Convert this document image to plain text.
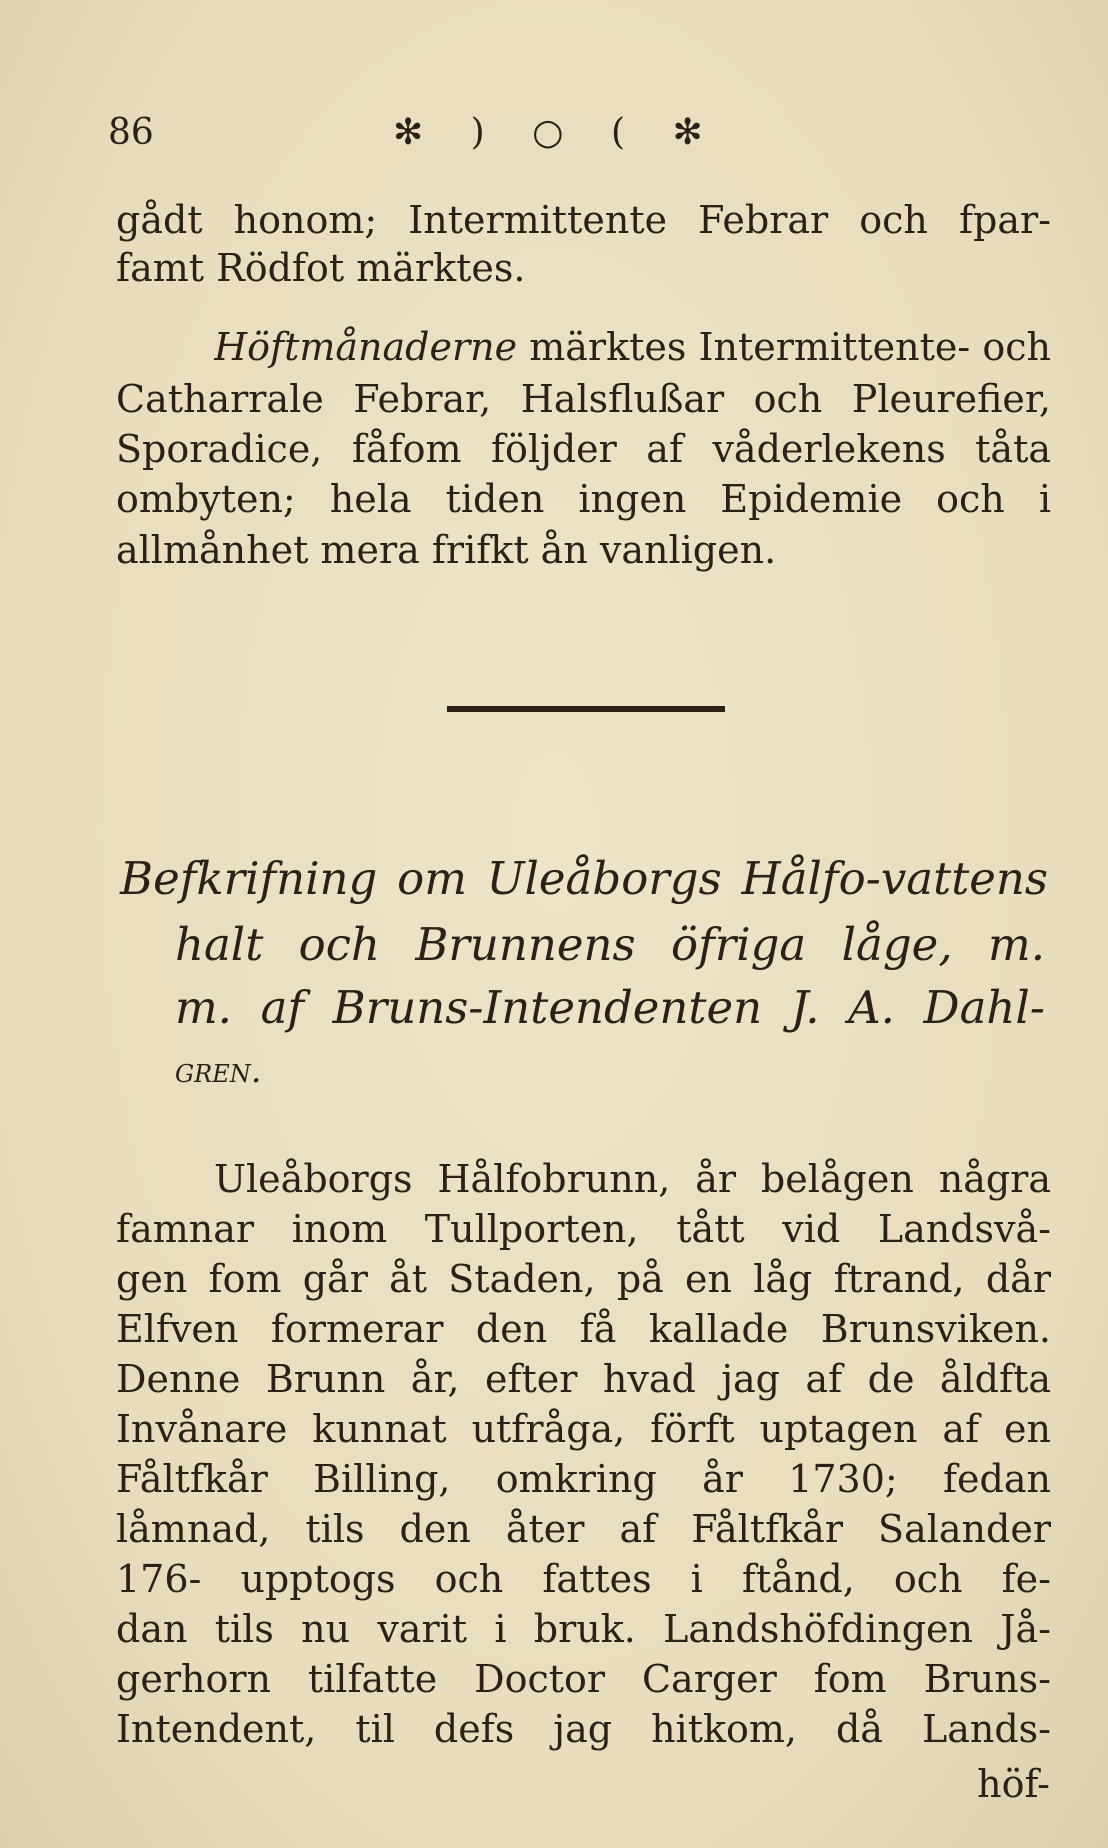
86	✻ ) ○ ( ✻
gådt honom; Intermittente Febrar och fpar-
famt Rödfot märktes.
Höftmånaderne märktes Intermittente- och
Catharrale Febrar, Halsflußar och Pleurefier,
Sporadice, fåfom följder af våderlekens tåta
ombyten; hela tiden ingen Epidemie och i
allmånhet mera frifkt ån vanligen.
Befkrifning om Uleåborgs Hålfo-vattens
halt och Brunnens öfriga låge, m.
m. af Bruns-Intendenten J. A. Dahl-
gren.
Uleåborgs Hålfobrunn, år belågen några
famnar inom Tullporten, tått vid Landsvå-
gen fom går åt Staden, på en låg ftrand, dår
Elfven formerar den få kallade Brunsviken.
Denne Brunn år, efter hvad jag af de åldfta
Invånare kunnat utfråga, förft uptagen af en
Fåltfkår Billing, omkring år 1730; fedan
låmnad, tils den åter af Fåltfkår Salander
176- upptogs och fattes i ftånd, och fe-
dan tils nu varit i bruk. Landshöfdingen Jå-
gerhorn tilfatte Doctor Carger fom Bruns-
Intendent, til defs jag hitkom, då Lands-
höf-
